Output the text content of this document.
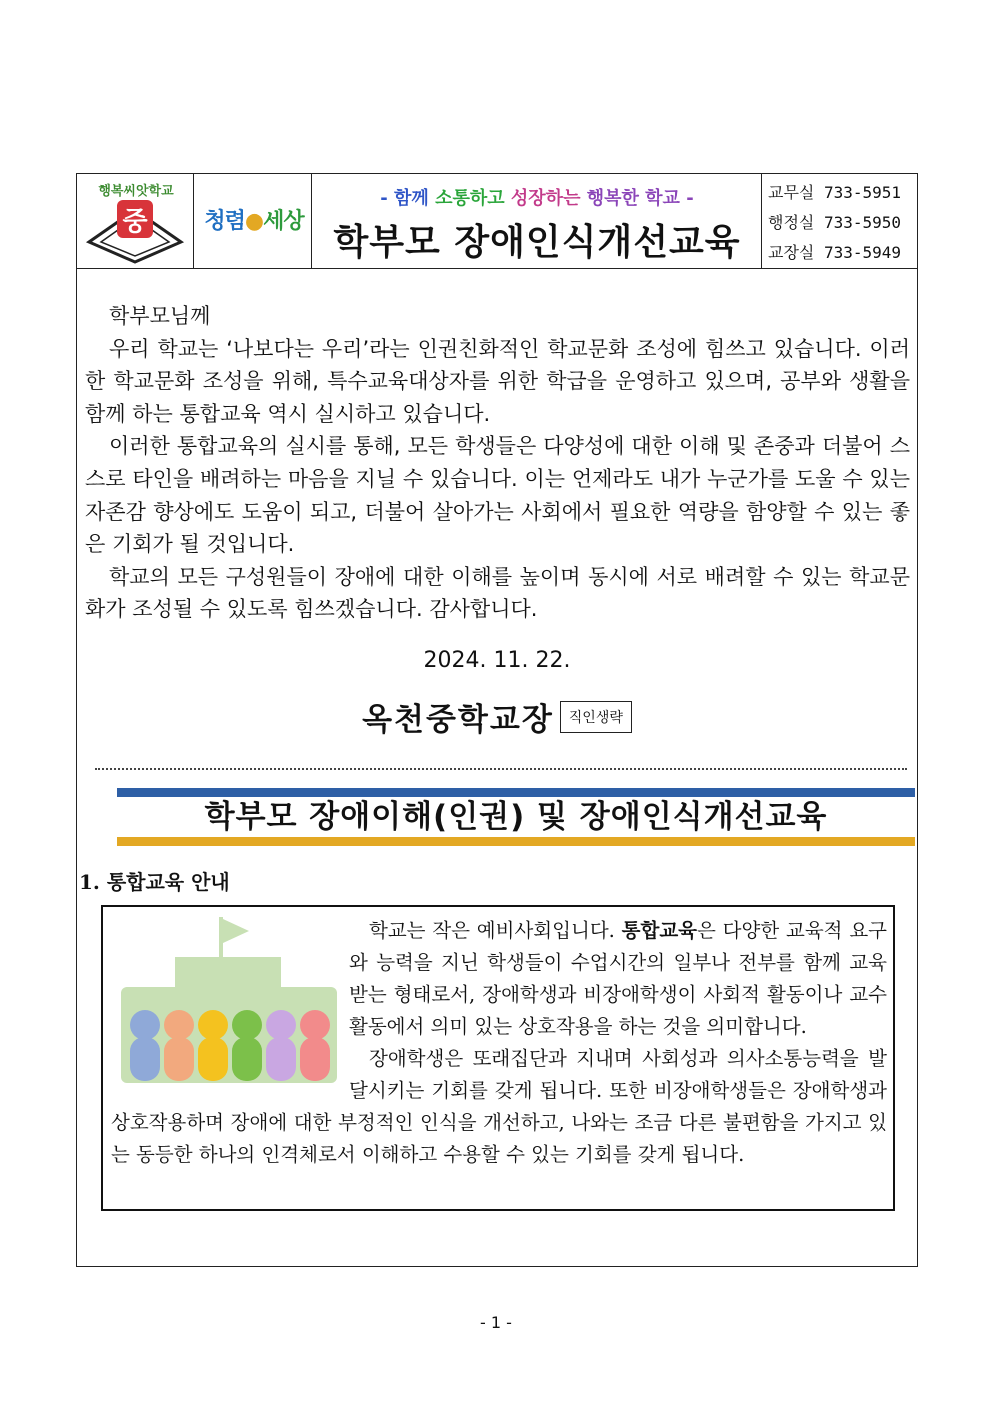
행복씨앗학교
중	청렴●세상
- 함께 소통하고 성장하는 행복한 학교 -
학부모 장애인식개선교육
교무실 733-5951
행정실 733-5950
교장실 733-5949

학부모님께

우리 학교는 ‘나보다는 우리’라는 인권친화적인 학교문화 조성에 힘쓰고 있습니다. 이러한 학교문화 조성을 위해, 특수교육대상자를 위한 학급을 운영하고 있으며, 공부와 생활을 함께 하는 통합교육 역시 실시하고 있습니다.

이러한 통합교육의 실시를 통해, 모든 학생들은 다양성에 대한 이해 및 존중과 더불어 스스로 타인을 배려하는 마음을 지닐 수 있습니다. 이는 언제라도 내가 누군가를 도울 수 있는 자존감 향상에도 도움이 되고, 더불어 살아가는 사회에서 필요한 역량을 함양할 수 있는 좋은 기회가 될 것입니다.

학교의 모든 구성원들이 장애에 대한 이해를 높이며 동시에 서로 배려할 수 있는 학교문화가 조성될 수 있도록 힘쓰겠습니다. 감사합니다.

2024. 11. 22.
옥천중학교장 직인생략
학부모 장애이해(인권) 및 장애인식개선교육
1. 통합교육 안내

학교는 작은 예비사회입니다. 통합교육은 다양한 교육적 요구와 능력을 지닌 학생들이 수업시간의 일부나 전부를 함께 교육받는 형태로서, 장애학생과 비장애학생이 사회적 활동이나 교수활동에서 의미 있는 상호작용을 하는 것을 의미합니다.

장애학생은 또래집단과 지내며 사회성과 의사소통능력을 발달시키는 기회를 갖게 됩니다. 또한 비장애학생들은 장애학생과 상호작용하며 장애에 대한 부정적인 인식을 개선하고, 나와는 조금 다른 불편함을 가지고 있는 동등한 하나의 인격체로서 이해하고 수용할 수 있는 기회를 갖게 됩니다.

- 1 -
